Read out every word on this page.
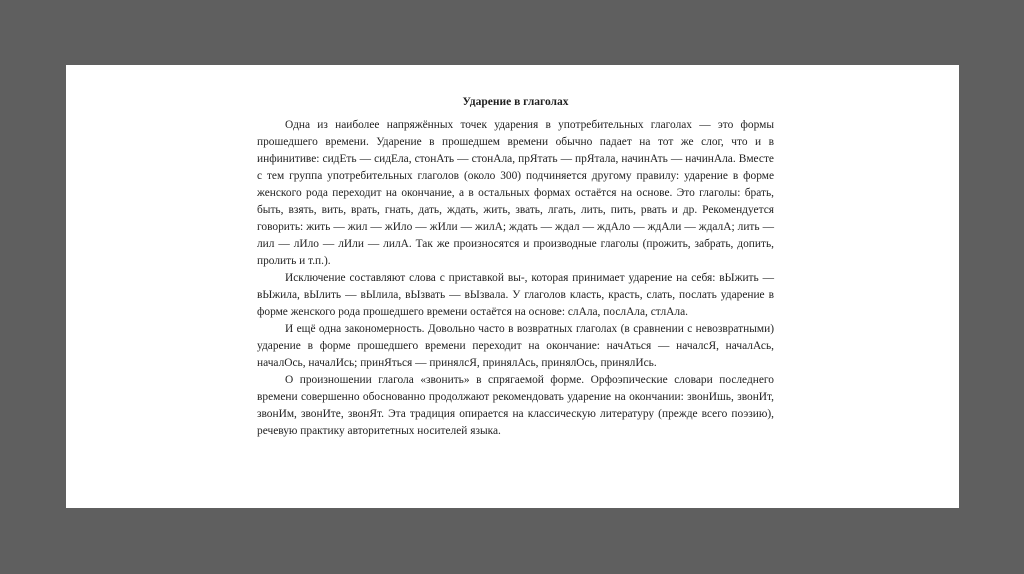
Ударение в глаголах

Одна из наиболее напряжённых точек ударения в употребительных глаголах — это формы прошедшего времени. Ударение в прошедшем времени обычно падает на тот же слог, что и в инфинитиве: сидЕть — сидЕла, стонАть — стонАла, прЯтать — прЯтала, начинАть — начинАла. Вместе с тем группа употребительных глаголов (около 300) подчиняется другому правилу: ударение в форме женского рода переходит на окончание, а в остальных формах остаётся на основе. Это глаголы: брать, быть, взять, вить, врать, гнать, дать, ждать, жить, звать, лгать, лить, пить, рвать и др. Рекомендуется говорить: жить — жил — жИло — жИли — жилА; ждать — ждал — ждАло — ждАли — ждалА; лить — лил — лИло — лИли — лилА. Так же произносятся и производные глаголы (прожить, забрать, допить, пролить и т.п.).

Исключение составляют слова с приставкой вы-, которая принимает ударение на себя: вЫжить — вЫжила, вЫлить — вЫлила, вЫзвать — вЫзвала. У глаголов класть, красть, слать, послать ударение в форме женского рода прошедшего времени остаётся на основе: слАла, послАла, стлАла.

И ещё одна закономерность. Довольно часто в возвратных глаголах (в сравнении с невозвратными) ударение в форме прошедшего времени переходит на окончание: начАться — началсЯ, началАсь, началОсь, началИсь; принЯться — принялсЯ, принялАсь, принялОсь, принялИсь.

О произношении глагола «звонить» в спрягаемой форме. Орфоэпические словари последнего времени совершенно обоснованно продолжают рекомендовать ударение на окончании: звонИшь, звонИт, звонИм, звонИте, звонЯт. Эта традиция опирается на классическую литературу (прежде всего поэзию), речевую практику авторитетных носителей языка.
